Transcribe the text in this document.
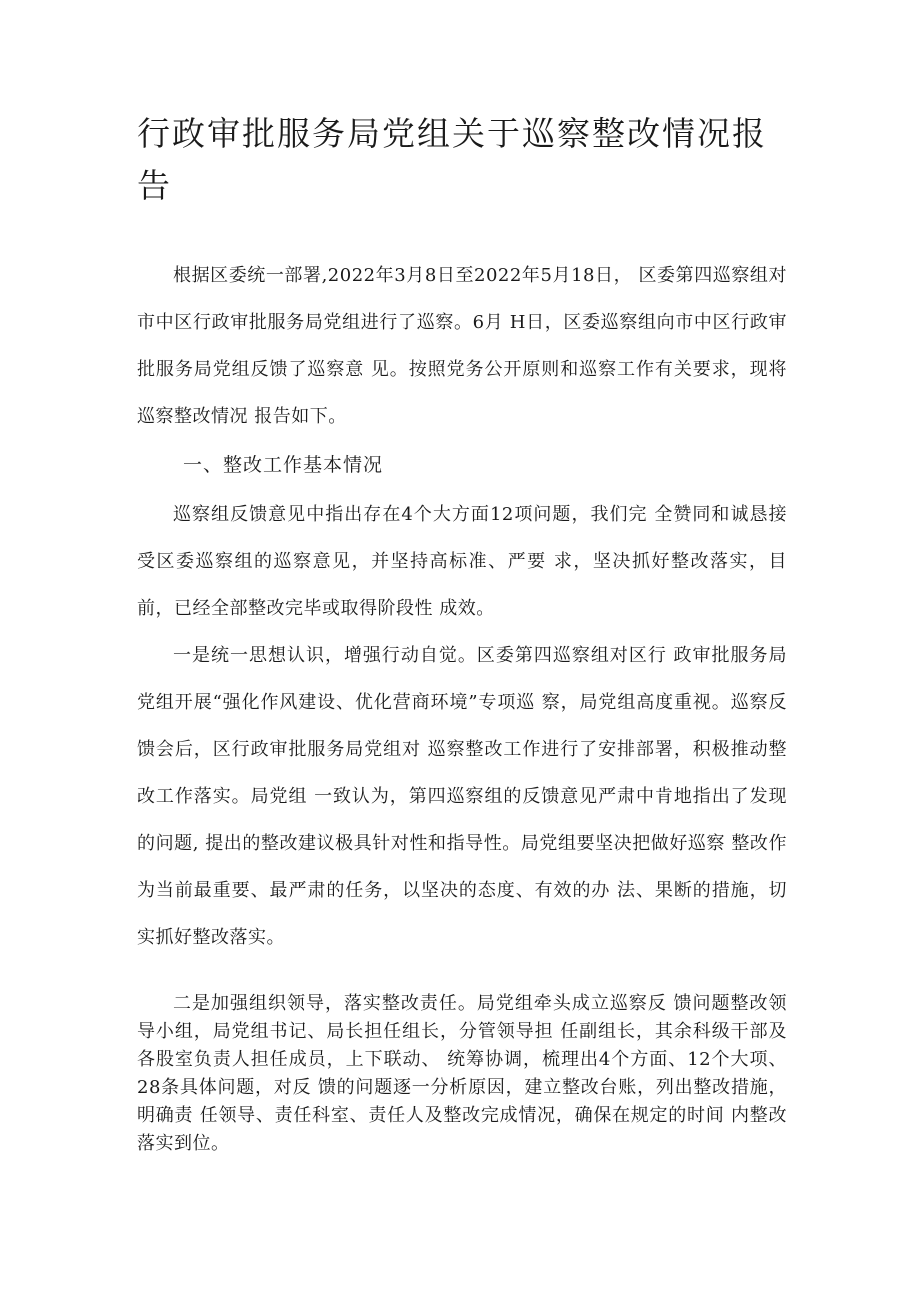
行政审批服务局党组关于巡察整改情况报告

根据区委统一部署,2022年3月8日至2022年5月18日， 区委第四巡察组对市中区行政审批服务局党组进行了巡察。6月 H日，区委巡察组向市中区行政审批服务局党组反馈了巡察意 见。按照党务公开原则和巡察工作有关要求，现将巡察整改情况 报告如下。

一、整改工作基本情况

巡察组反馈意见中指出存在4个大方面12项问题，我们完 全赞同和诚恳接受区委巡察组的巡察意见，并坚持高标准、严要 求，坚决抓好整改落实，目前，已经全部整改完毕或取得阶段性 成效。

一是统一思想认识，增强行动自觉。区委第四巡察组对区行 政审批服务局党组开展“强化作风建设、优化营商环境”专项巡 察，局党组高度重视。巡察反馈会后，区行政审批服务局党组对 巡察整改工作进行了安排部署，积极推动整改工作落实。局党组 一致认为，第四巡察组的反馈意见严肃中肯地指出了发现的问题, 提出的整改建议极具针对性和指导性。局党组要坚决把做好巡察 整改作为当前最重要、最严肃的任务，以坚决的态度、有效的办 法、果断的措施，切实抓好整改落实。

二是加强组织领导，落实整改责任。局党组牵头成立巡察反 馈问题整改领导小组，局党组书记、局长担任组长，分管领导担 任副组长，其余科级干部及各股室负责人担任成员，上下联动、 统筹协调，梳理出4个方面、12个大项、28条具体问题，对反 馈的问题逐一分析原因，建立整改台账，列出整改措施，明确责 任领导、责任科室、责任人及整改完成情况，确保在规定的时间 内整改落实到位。
